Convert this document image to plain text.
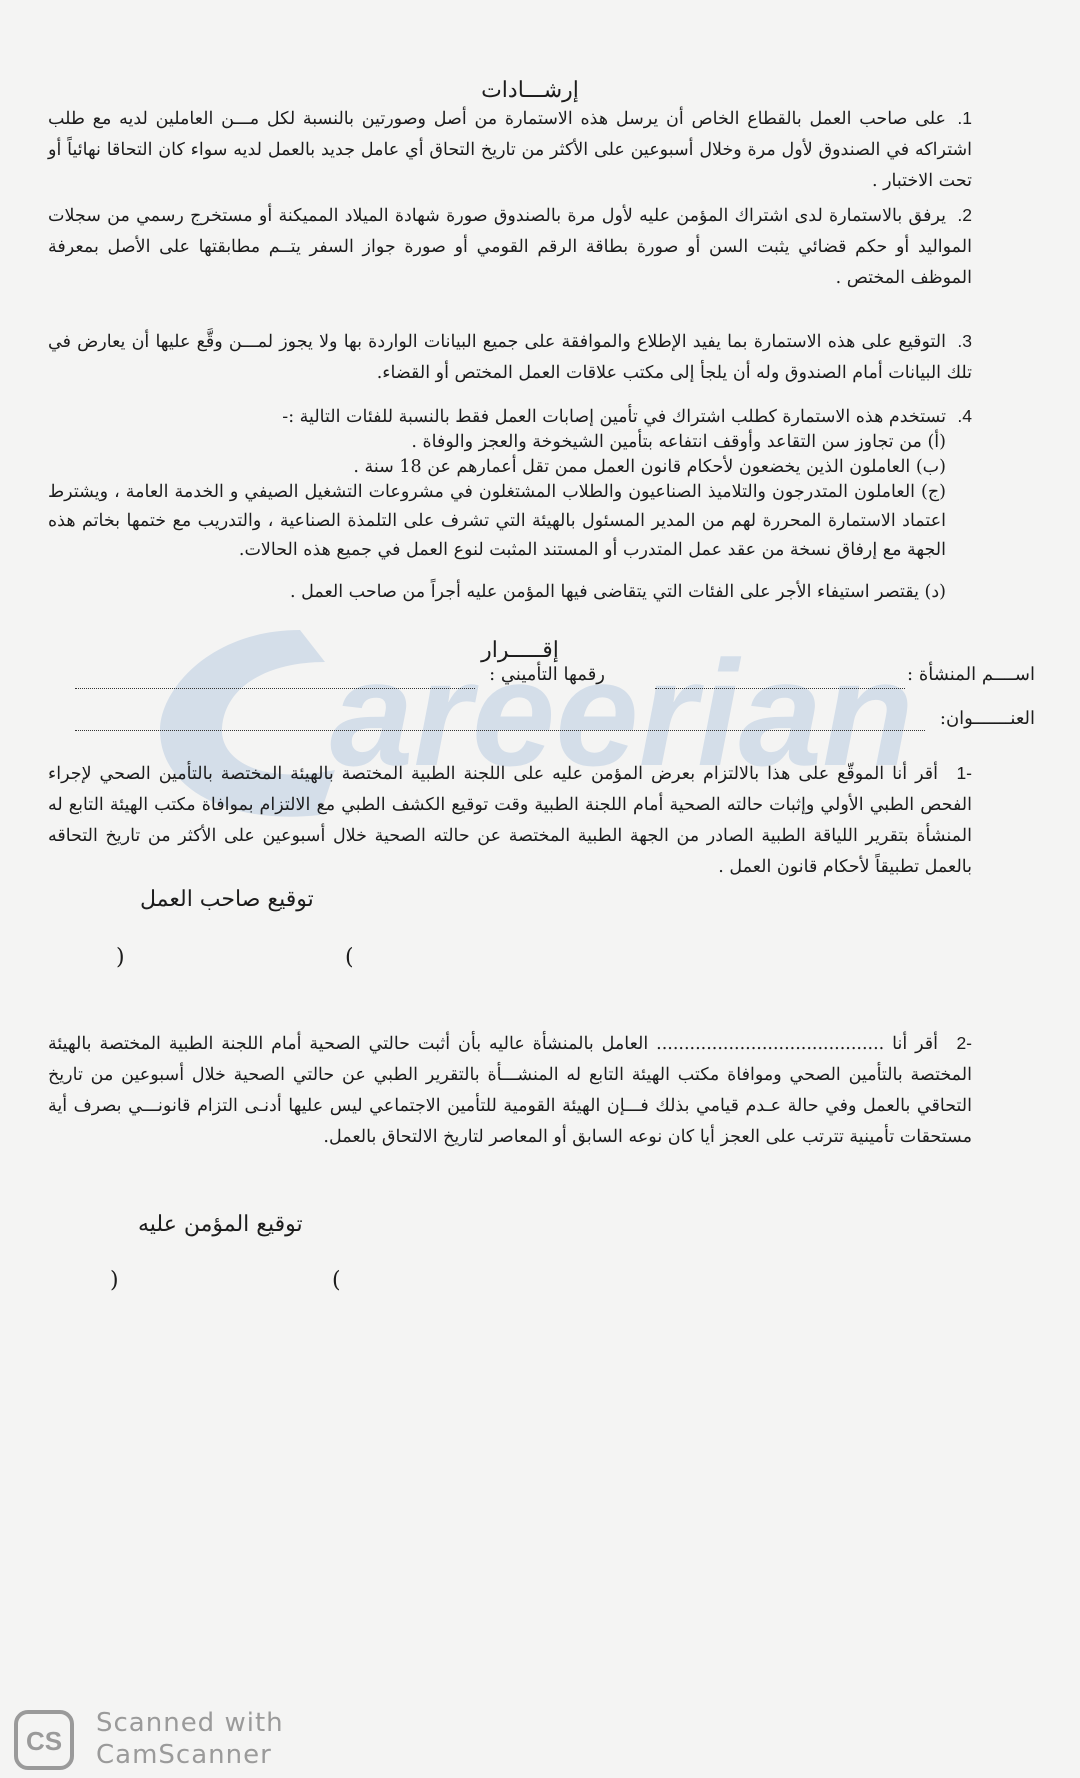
areerian
إرشـــادات
1.على صاحب العمل بالقطاع الخاص أن يرسل هذه الاستمارة من أصل وصورتين بالنسبة لكل مـــن العاملين لديه مع طلب اشتراكه في الصندوق لأول مرة وخلال أسبوعين على الأكثر من تاريخ التحاق أي عامل جديد بالعمل لديه سواء كان التحاقا نهائياً أو تحت الاختبار .
2.يرفق بالاستمارة لدى اشتراك المؤمن عليه لأول مرة بالصندوق صورة شهادة الميلاد المميكنة أو مستخرج رسمي من سجلات المواليد أو حكم قضائي يثبت السن أو صورة بطاقة الرقم القومي أو صورة جواز السفر يتــم مطابقتها على الأصل بمعرفة الموظف المختص .
3.التوقيع على هذه الاستمارة بما يفيد الإطلاع والموافقة على جميع البيانات الواردة بها ولا يجوز لمـــن وقَّع عليها أن يعارض في تلك البيانات أمام الصندوق وله أن يلجأ إلى مكتب علاقات العمل المختص أو القضاء.
4.تستخدم هذه الاستمارة كطلب اشتراك في تأمين إصابات العمل فقط بالنسبة للفئات التالية :-
(أ) من تجاوز سن التقاعد وأوقف انتفاعه بتأمين الشيخوخة والعجز والوفاة .
(ب) العاملون الذين يخضعون لأحكام قانون العمل ممن تقل أعمارهم عن 18 سنة .
(ج) العاملون المتدرجون والتلاميذ الصناعيون والطلاب المشتغلون في مشروعات التشغيل الصيفي و الخدمة العامة ، ويشترط اعتماد الاستمارة المحررة لهم من المدير المسئول بالهيئة التي تشرف على التلمذة الصناعية ، والتدريب مع ختمها بخاتم هذه الجهة مع إرفاق نسخة من عقد عمل المتدرب أو المستند المثبت لنوع العمل في جميع هذه الحالات.
(د) يقتصر استيفاء الأجر على الفئات التي يتقاضى فيها المؤمن عليه أجراً من صاحب العمل .
إقـــــرار
اســــم المنشأة :
رقمها التأميني :
العنـــــــوان:
-1أقر أنا الموقّع على هذا بالالتزام بعرض المؤمن عليه على اللجنة الطبية المختصة بالهيئة المختصة بالتأمين الصحي لإجراء الفحص الطبي الأولي وإثبات حالته الصحية أمام اللجنة الطبية وقت توقيع الكشف الطبي مع الالتزام بموافاة مكتب الهيئة التابع له المنشأة بتقرير اللياقة الطبية الصادر من الجهة الطبية المختصة عن حالته الصحية خلال أسبوعين على الأكثر من تاريخ التحاقه بالعمل تطبيقاً لأحكام قانون العمل .
توقيع صاحب العمل
)	(
-2أقر أنا ......................................... العامل بالمنشأة عاليه بأن أثبت حالتي الصحية أمام اللجنة الطبية المختصة بالهيئة المختصة بالتأمين الصحي وموافاة مكتب الهيئة التابع له المنشـــأة بالتقرير الطبي عن حالتي الصحية خلال أسبوعين من تاريخ التحاقي بالعمل وفي حالة عـدم قيامي بذلك فـــإن الهيئة القومية للتأمين الاجتماعي ليس عليها أدنـى التزام قانونـــي بصرف أية مستحقات تأمينية تترتب على العجز أيا كان نوعه السابق أو المعاصر لتاريخ الالتحاق بالعمل.
توقيع المؤمن عليه
)	(
CS
Scanned with
CamScanner
